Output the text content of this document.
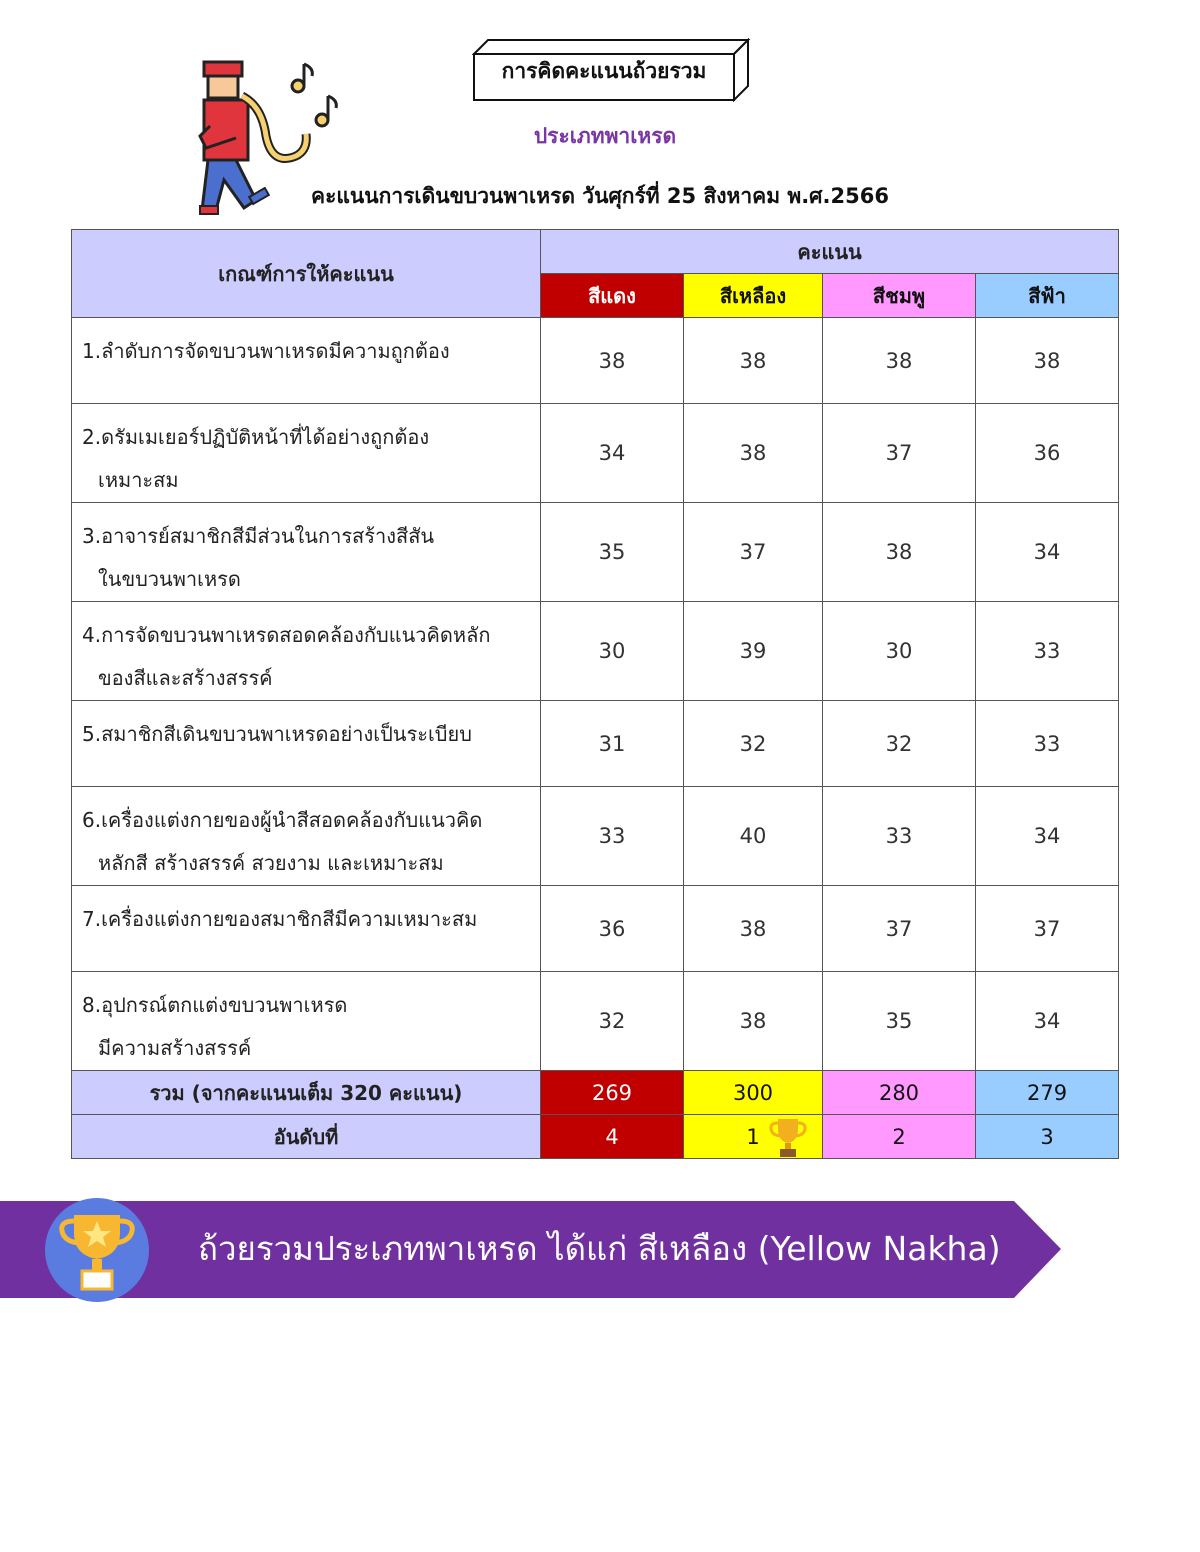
การคิดคะแนนถ้วยรวม
ประเภทพาเหรด
คะแนนการเดินขบวนพาเหรด วันศุกร์ที่ 25 สิงหาคม พ.ศ.2566
เกณฑ์การให้คะแนน	คะแนน			
	สีแดง	สีเหลือง	สีชมพู	สีฟ้า

1.ลำดับการจัดขบวนพาเหรดมีความถูกต้อง	38	38	38	38

2.ดรัมเมเยอร์ปฏิบัติหน้าที่ได้อย่างถูกต้อง
เหมาะสม	34	38	37	36

3.อาจารย์สมาชิกสีมีส่วนในการสร้างสีสัน
ในขบวนพาเหรด	35	37	38	34

4.การจัดขบวนพาเหรดสอดคล้องกับแนวคิดหลัก
ของสีและสร้างสรรค์	30	39	30	33

5.สมาชิกสีเดินขบวนพาเหรดอย่างเป็นระเบียบ	31	32	32	33

6.เครื่องแต่งกายของผู้นำสีสอดคล้องกับแนวคิด
หลักสี สร้างสรรค์ สวยงาม และเหมาะสม	33	40	33	34

7.เครื่องแต่งกายของสมาชิกสีมีความเหมาะสม	36	38	37	37

8.อุปกรณ์ตกแต่งขบวนพาเหรด
มีความสร้างสรรค์	32	38	35	34
รวม (จากคะแนนเต็ม 320 คะแนน)	269	300	280	279
อันดับที่	4	1	2	3
ถ้วยรวมประเภทพาเหรด ได้แก่ สีเหลือง (Yellow Nakha)
